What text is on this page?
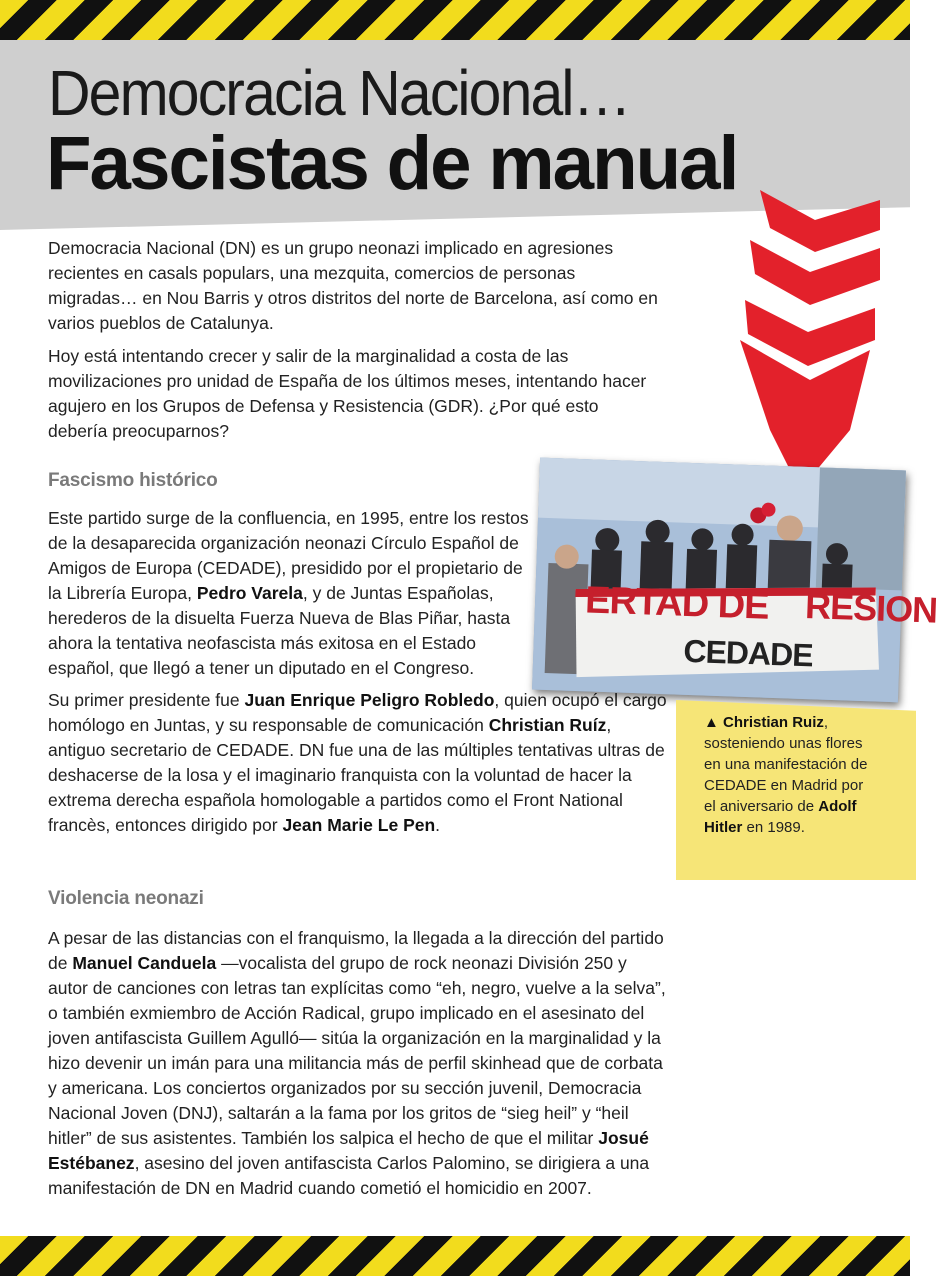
Democracia Nacional…
Fascistas de manual

Democracia Nacional (DN) es un grupo neonazi implicado en agresiones recientes en casals populars, una mezquita, comercios de personas migradas… en Nou Barris y otros distritos del norte de Barcelona, así como en varios pueblos de Catalunya.

Hoy está intentando crecer y salir de la marginalidad a costa de las movilizaciones pro unidad de España de los últimos meses, intentando hacer agujero en los Grupos de Defensa y Resistencia (GDR). ¿Por qué esto debería preocuparnos?

Fascismo histórico

Este partido surge de la confluencia, en 1995, entre los restos de la desaparecida organización neonazi Círculo Español de Amigos de Europa (CEDADE), presidido por el propietario de la Librería Europa, Pedro Varela, y de Juntas Españolas, herederos de la disuelta Fuerza Nueva de Blas Piñar, hasta ahora la tentativa neofascista más exitosa en el Estado español, que llegó a tener un diputado en el Congreso.

Su primer presidente fue Juan Enrique Peligro Robledo, quien ocupó el cargo homólogo en Juntas, y su responsable de comunicación Christian Ruíz, antiguo secretario de CEDADE. DN fue una de las múltiples tentativas ultras de deshacerse de la losa y el imaginario franquista con la voluntad de hacer la extrema derecha española homologable a partidos como el Front National francès, entonces dirigido por Jean Marie Le Pen.

ERTAD DE RESION
CEDADE

▲ Christian Ruiz, sosteniendo unas flores en una manifestación de CEDADE en Madrid por el aniversario de Adolf Hitler en 1989.

Violencia neonazi

A pesar de las distancias con el franquismo, la llegada a la dirección del partido de Manuel Canduela —vocalista del grupo de rock neonazi División 250 y autor de canciones con letras tan explícitas como “eh, negro, vuelve a la selva”, o también exmiembro de Acción Radical, grupo implicado en el asesinato del joven antifascista Guillem Agulló— sitúa la organización en la marginalidad y la hizo devenir un imán para una militancia más de perfil skinhead que de corbata y americana. Los conciertos organizados por su sección juvenil, Democracia Nacional Joven (DNJ), saltarán a la fama por los gritos de “sieg heil” y “heil hitler” de sus asistentes. También los salpica el hecho de que el militar Josué Estébanez, asesino del joven antifascista Carlos Palomino, se dirigiera a una manifestación de DN en Madrid cuando cometió el homicidio en 2007.
